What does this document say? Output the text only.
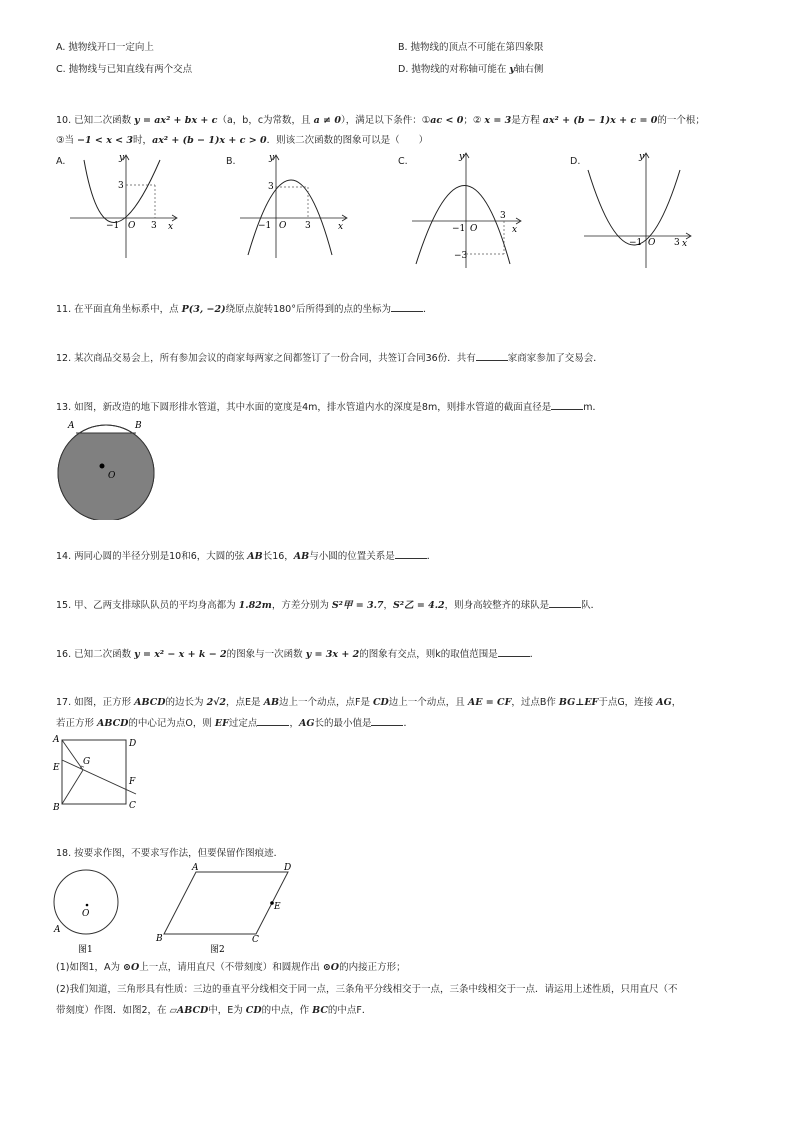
A. 抛物线开口一定向上	B. 抛物线的顶点不可能在第四象限
C. 抛物线与已知直线有两个交点	D. 抛物线的对称轴可能在 y轴右侧
10. 已知二次函数 y = ax² + bx + c（a，b，c为常数，且 a ≠ 0），满足以下条件：①ac < 0；② x = 3是方程 ax² + (b − 1)x + c = 0的一个根；
③当 −1 < x < 3时，ax² + (b − 1)x + c > 0．则该二次函数的图象可以是（　　）
A.	y
x
3
−1 O 3
B.	y
x
3
−1 O 3
C.	y
x
3
−1 O
−3
D.	y
x
−1 O 3
11. 在平面直角坐标系中，点 P(3, −2)绕原点旋转180°后所得到的点的坐标为	．
12. 某次商品交易会上，所有参加会议的商家每两家之间都签订了一份合同，共签订合同36份．共有	家商家参加了交易会．
13. 如图，新改造的地下圆形排水管道，其中水面的宽度是4m，排水管道内水的深度是8m，则排水管道的截面直径是	m．
A	B
O
14. 两同心圆的半径分别是10和6，大圆的弦 AB长16，AB与小圆的位置关系是	．
15. 甲、乙两支排球队队员的平均身高都为 1.82m，方差分别为 S²甲 = 3.7，S²乙 = 4.2，则身高较整齐的球队是	队．
16. 已知二次函数 y = x² − x + k − 2的图象与一次函数 y = 3x + 2的图象有交点，则k的取值范围是	．
17. 如图，正方形 ABCD的边长为 2√2，点E是 AB边上一个动点，点F是 CD边上一个动点，且 AE = CF，过点B作 BG⊥EF于点G，连接 AG，
若正方形 ABCD的中心记为点O，则 EF过定点	，AG长的最小值是	．
A	D
E
G
F
B	C
18. 按要求作图，不要求写作法，但要保留作图痕迹．
O
A
图1
A	D
E
B	C
图2
(1)如图1，A为 ⊙O上一点，请用直尺（不带刻度）和圆规作出 ⊙O的内接正方形；
(2)我们知道，三角形具有性质：三边的垂直平分线相交于同一点，三条角平分线相交于一点，三条中线相交于一点．请运用上述性质，只用直尺（不
带刻度）作图．如图2，在 ▱ABCD中，E为 CD的中点，作 BC的中点F．
